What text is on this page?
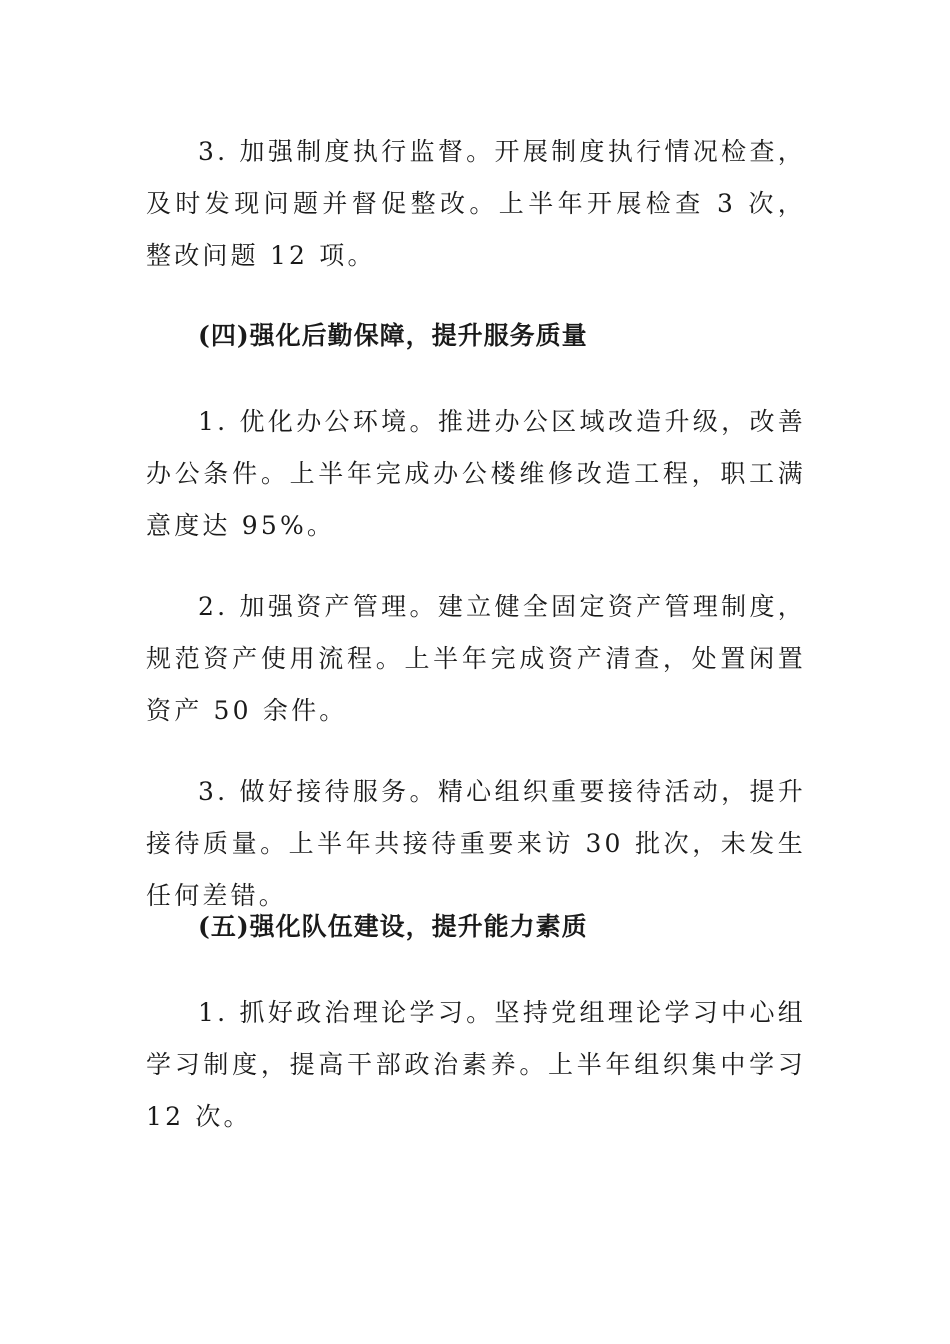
3. 加强制度执行监督。开展制度执行情况检查，及时发现问题并督促整改。上半年开展检查 3 次，整改问题 12 项。

(四)强化后勤保障，提升服务质量

1. 优化办公环境。推进办公区域改造升级，改善办公条件。上半年完成办公楼维修改造工程，职工满意度达 95%。

2. 加强资产管理。建立健全固定资产管理制度，规范资产使用流程。上半年完成资产清查，处置闲置资产 50 余件。

3. 做好接待服务。精心组织重要接待活动，提升接待质量。上半年共接待重要来访 30 批次，未发生任何差错。

(五)强化队伍建设，提升能力素质

1. 抓好政治理论学习。坚持党组理论学习中心组学习制度，提高干部政治素养。上半年组织集中学习 12 次。
